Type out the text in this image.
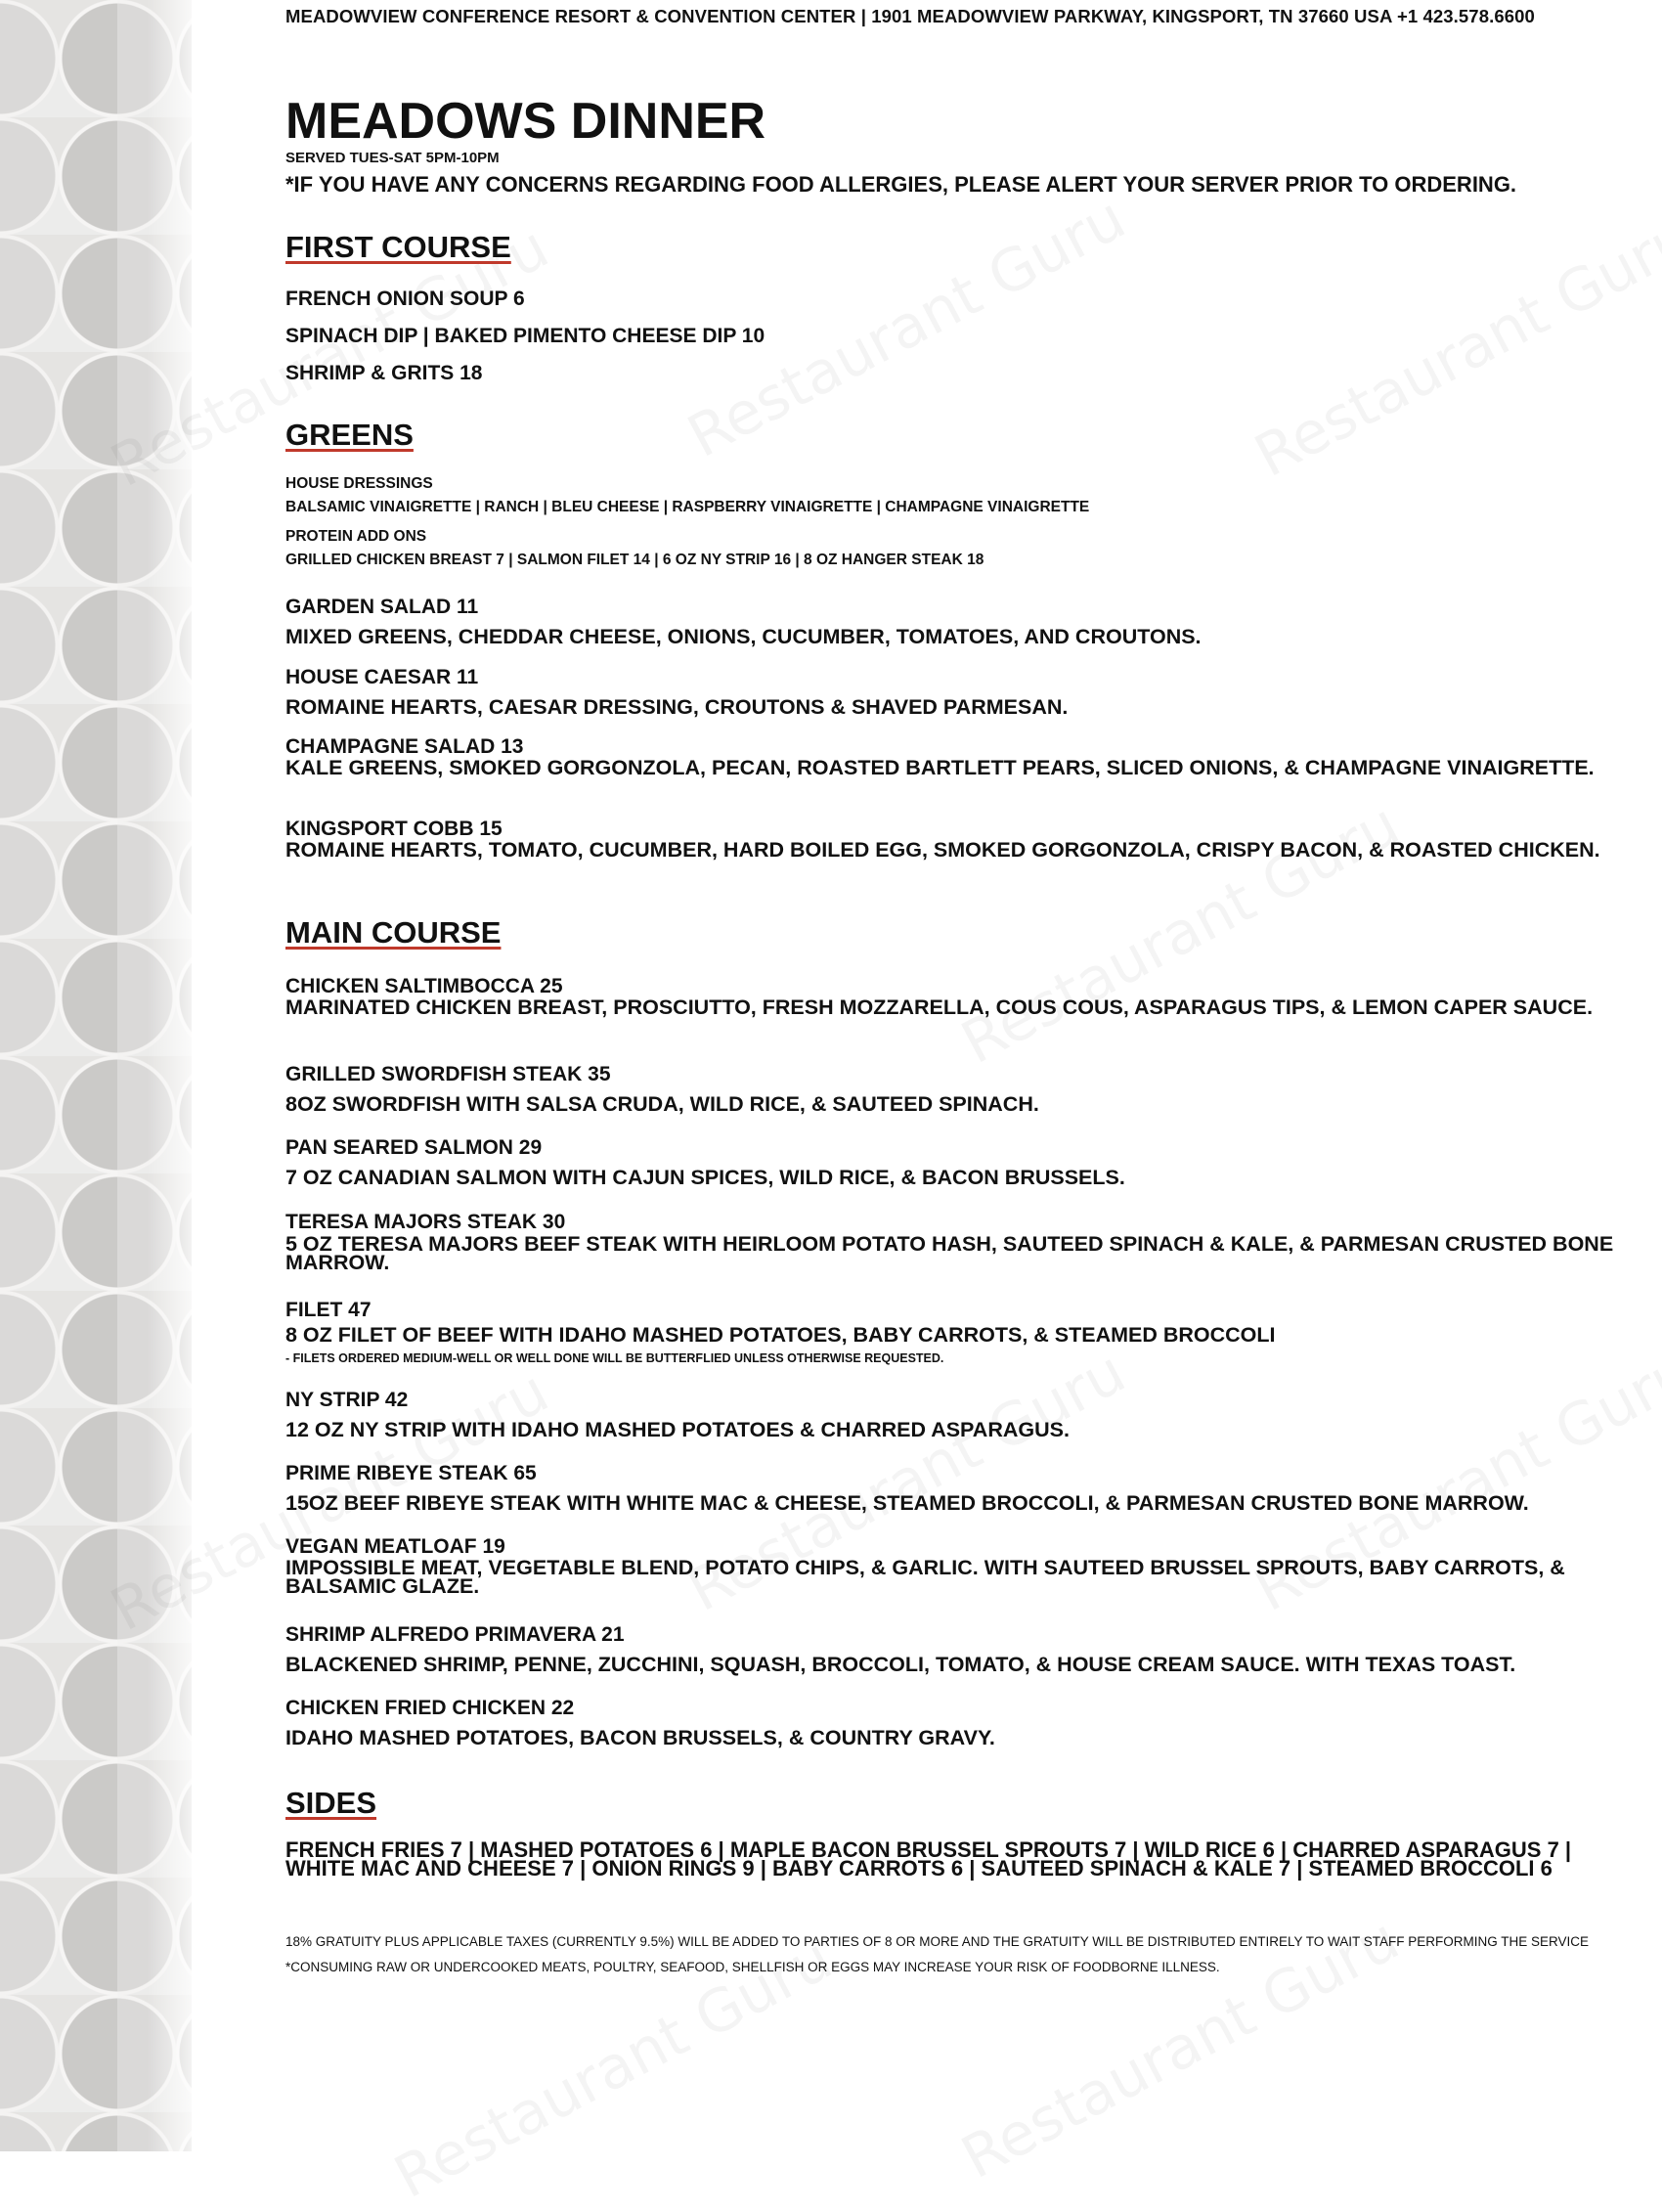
MEADOWVIEW CONFERENCE RESORT & CONVENTION CENTER | 1901 MEADOWVIEW PARKWAY, KINGSPORT, TN 37660 USA +1 423.578.6600
MEADOWS DINNER
SERVED TUES-SAT 5PM-10PM
*IF YOU HAVE ANY CONCERNS REGARDING FOOD ALLERGIES, PLEASE ALERT YOUR SERVER PRIOR TO ORDERING.
FIRST COURSE
FRENCH ONION SOUP 6
SPINACH DIP | BAKED PIMENTO CHEESE DIP 10
SHRIMP & GRITS 18
GREENS
HOUSE DRESSINGS
BALSAMIC VINAIGRETTE | RANCH | BLEU CHEESE | RASPBERRY VINAIGRETTE | CHAMPAGNE VINAIGRETTE
PROTEIN ADD ONS
GRILLED CHICKEN BREAST 7 | SALMON FILET 14 | 6 OZ NY STRIP 16 | 8 OZ HANGER STEAK 18
GARDEN SALAD 11
MIXED GREENS, CHEDDAR CHEESE, ONIONS, CUCUMBER, TOMATOES, AND CROUTONS.
HOUSE CAESAR 11
ROMAINE HEARTS, CAESAR DRESSING, CROUTONS & SHAVED PARMESAN.
CHAMPAGNE SALAD 13
KALE GREENS, SMOKED GORGONZOLA, PECAN, ROASTED BARTLETT PEARS, SLICED ONIONS, & CHAMPAGNE VINAIGRETTE.
KINGSPORT COBB 15
ROMAINE HEARTS, TOMATO, CUCUMBER, HARD BOILED EGG, SMOKED GORGONZOLA, CRISPY BACON, & ROASTED CHICKEN.
MAIN COURSE
CHICKEN SALTIMBOCCA 25
MARINATED CHICKEN BREAST, PROSCIUTTO, FRESH MOZZARELLA, COUS COUS, ASPARAGUS TIPS, & LEMON CAPER SAUCE.
GRILLED SWORDFISH STEAK 35
8OZ SWORDFISH WITH SALSA CRUDA, WILD RICE, & SAUTEED SPINACH.
PAN SEARED SALMON 29
7 OZ CANADIAN SALMON WITH CAJUN SPICES, WILD RICE, & BACON BRUSSELS.
TERESA MAJORS STEAK 30
5 OZ TERESA MAJORS BEEF STEAK WITH HEIRLOOM POTATO HASH, SAUTEED SPINACH & KALE, & PARMESAN CRUSTED BONE MARROW.
FILET 47
8 OZ FILET OF BEEF WITH IDAHO MASHED POTATOES, BABY CARROTS, & STEAMED BROCCOLI
- FILETS ORDERED MEDIUM-WELL OR WELL DONE WILL BE BUTTERFLIED UNLESS OTHERWISE REQUESTED.
NY STRIP 42
12 OZ NY STRIP WITH IDAHO MASHED POTATOES & CHARRED ASPARAGUS.
PRIME RIBEYE STEAK 65
15OZ BEEF RIBEYE STEAK WITH WHITE MAC & CHEESE, STEAMED BROCCOLI, & PARMESAN CRUSTED BONE MARROW.
VEGAN MEATLOAF 19
IMPOSSIBLE MEAT, VEGETABLE BLEND, POTATO CHIPS, & GARLIC. WITH SAUTEED BRUSSEL SPROUTS, BABY CARROTS, & BALSAMIC GLAZE.
SHRIMP ALFREDO PRIMAVERA 21
BLACKENED SHRIMP, PENNE, ZUCCHINI, SQUASH, BROCCOLI, TOMATO, & HOUSE CREAM SAUCE. WITH TEXAS TOAST.
CHICKEN FRIED CHICKEN 22
IDAHO MASHED POTATOES, BACON BRUSSELS, & COUNTRY GRAVY.
SIDES
FRENCH FRIES 7 | MASHED POTATOES 6 | MAPLE BACON BRUSSEL SPROUTS 7 | WILD RICE 6 | CHARRED ASPARAGUS 7 |
WHITE MAC AND CHEESE 7 | ONION RINGS 9 | BABY CARROTS 6 | SAUTEED SPINACH & KALE 7 | STEAMED BROCCOLI 6
18% GRATUITY PLUS APPLICABLE TAXES (CURRENTLY 9.5%) WILL BE ADDED TO PARTIES OF 8 OR MORE AND THE GRATUITY WILL BE DISTRIBUTED ENTIRELY TO WAIT STAFF PERFORMING THE SERVICE
*CONSUMING RAW OR UNDERCOOKED MEATS, POULTRY, SEAFOOD, SHELLFISH OR EGGS MAY INCREASE YOUR RISK OF FOODBORNE ILLNESS.
